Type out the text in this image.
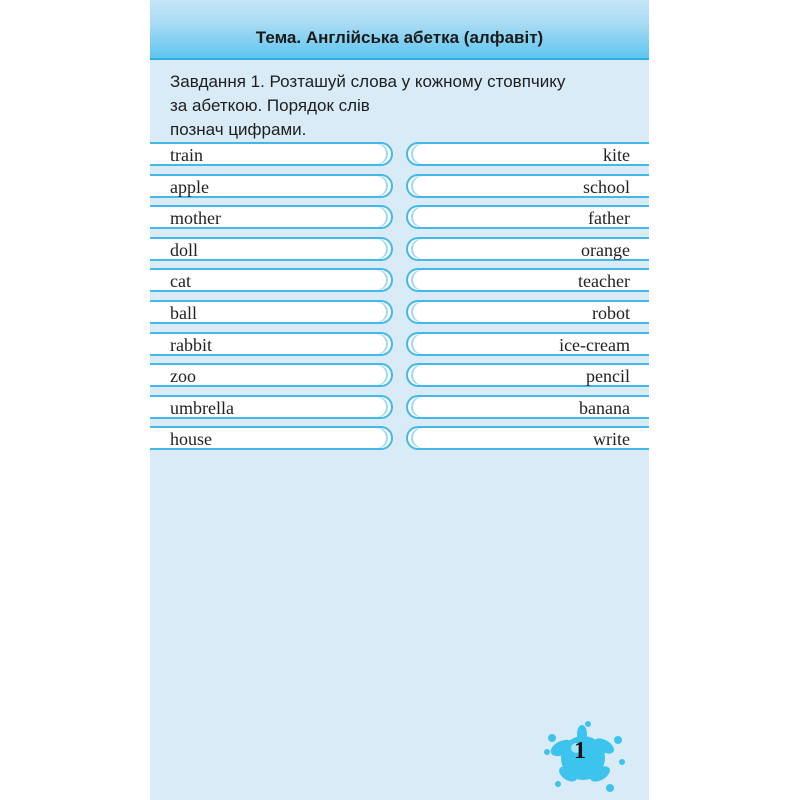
Тема. Англійська абетка (алфавіт)
Завдання 1. Розташуй слова у кожному стовпчику
за абеткою. Порядок слів
познач цифрами.
train
apple
mother
doll
cat
ball
rabbit
zoo
umbrella
house
kite
school
father
orange
teacher
robot
ice-cream
pencil
banana
write
1
